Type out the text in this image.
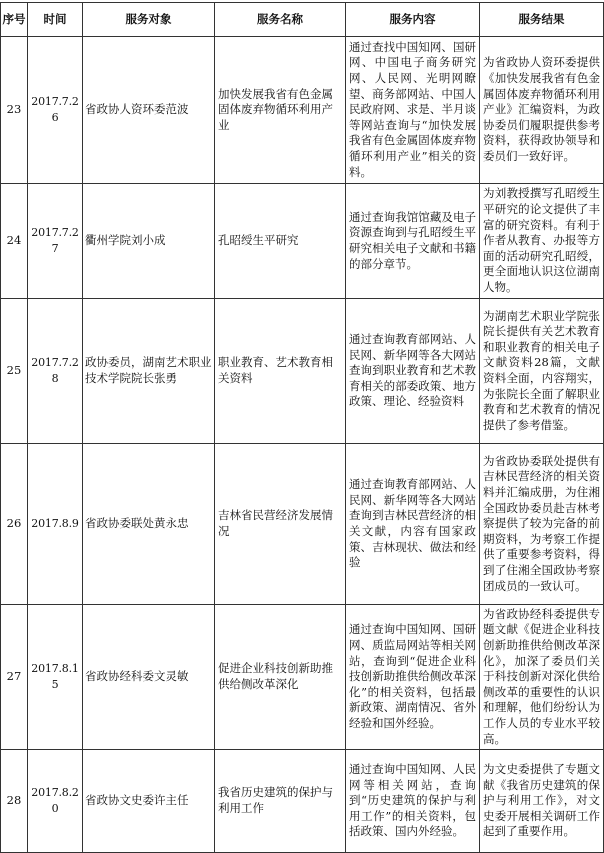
序号	时间	服务对象	服务名称	服务内容	服务结果
23	2017.7.26	省政协人资环委范波	加快发展我省有色金属固体废弃物循环利用产业	通过查找中国知网、国研网、中国电子商务研究网、人民网、光明网瞭望、商务部网站、中国人民政府网、求是、半月谈等网站查询与“加快发展我省有色金属固体废弃物循环利用产业”相关的资料。	为省政协人资环委提供《加快发展我省有色金属固体废弃物循环利用产业》汇编资料，为政协委员们履职提供参考资料，获得政协领导和委员们一致好评。
24	2017.7.27	衢州学院刘小成	孔昭绶生平研究	通过查询我馆馆藏及电子资源查询到与孔昭绶生平研究相关电子文献和书籍的部分章节。	为刘教授撰写孔昭绶生平研究的论文提供了丰富的研究资料。有利于作者从教育、办报等方面的活动研究孔昭绶，更全面地认识这位湖南人物。
25	2017.7.28	政协委员，湖南艺术职业技术学院院长张勇	职业教育、艺术教育相关资料	通过查询教育部网站、人民网、新华网等各大网站查询到职业教育和艺术教育相关的部委政策、地方政策、理论、经验资料	为湖南艺术职业学院张院长提供有关艺术教育和职业教育的相关电子文献资料28篇，文献资料全面，内容翔实，为张院长全面了解职业教育和艺术教育的情况提供了参考借鉴。
26	2017.8.9	省政协委联处黄永忠	吉林省民营经济发展情况	通过查询教育部网站、人民网、新华网等各大网站查询到吉林民营经济的相关文献，内容有国家政策、吉林现状、做法和经验	为省政协委联处提供有吉林民营经济的相关资料并汇编成册，为住湘全国政协委员赴吉林考察提供了较为完备的前期资料，为考察工作提供了重要参考资料，得到了住湘全国政协考察团成员的一致认可。
27	2017.8.15	省政协经科委文灵敏	促进企业科技创新助推供给侧改革深化	通过查询中国知网、国研网、质监局网站等相关网站，查询到“促进企业科技创新助推供给侧改革深化”的相关资料，包括最新政策、湖南情况、省外经验和国外经验。	为省政协经科委提供专题文献《促进企业科技创新助推供给侧改革深化》，加深了委员们关于科技创新对深化供给侧改革的重要性的认识和理解，他们纷纷认为工作人员的专业水平较高。
28	2017.8.20	省政协文史委许主任	我省历史建筑的保护与利用工作	通过查询中国知网、人民网等相关网站，查询到“历史建筑的保护与利用工作”的相关资料，包括政策、国内外经验。	为文史委提供了专题文献《我省历史建筑的保护与利用工作》，对文史委开展相关调研工作起到了重要作用。
